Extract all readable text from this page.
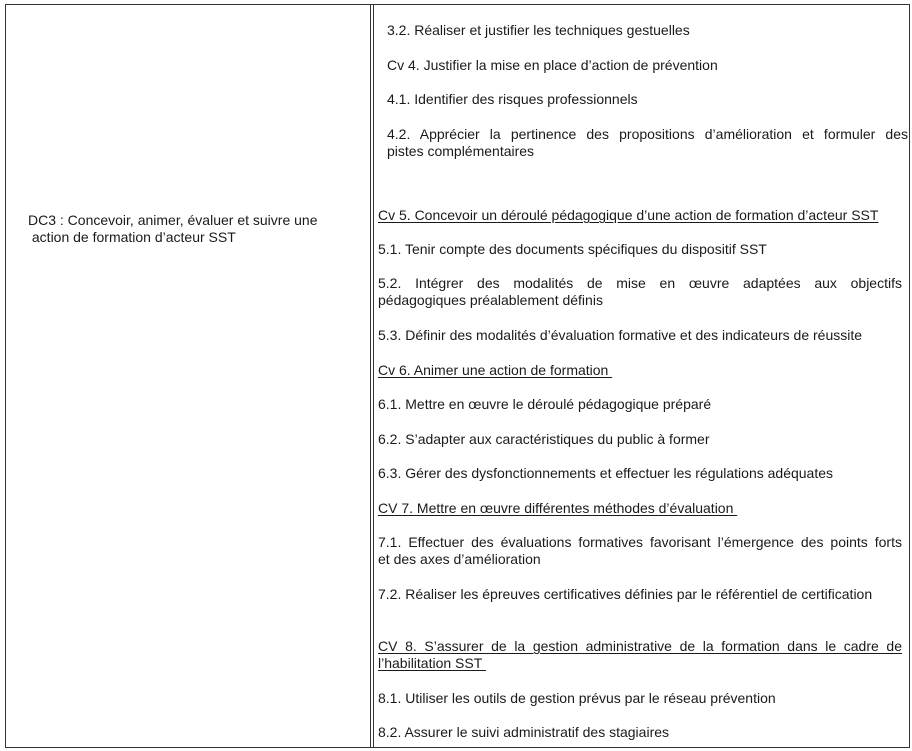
DC3 : Concevoir, animer, évaluer et suivre une
action de formation d’acteur SST
3.2. Réaliser et justifier les techniques gestuelles
Cv 4. Justifier la mise en place d’action de prévention
4.1. Identifier des risques professionnels
4.2. Apprécier la pertinence des propositions d’amélioration et formuler des
pistes complémentaires
Cv 5. Concevoir un déroulé pédagogique d’une action de formation d’acteur SST
5.1. Tenir compte des documents spécifiques du dispositif SST
5.2. Intégrer des modalités de mise en œuvre adaptées aux objectifs
pédagogiques préalablement définis
5.3. Définir des modalités d’évaluation formative et des indicateurs de réussite
Cv 6. Animer une action de formation
6.1. Mettre en œuvre le déroulé pédagogique préparé
6.2. S’adapter aux caractéristiques du public à former
6.3. Gérer des dysfonctionnements et effectuer les régulations adéquates
CV 7. Mettre en œuvre différentes méthodes d’évaluation
7.1. Effectuer des évaluations formatives favorisant l’émergence des points forts
et des axes d’amélioration
7.2. Réaliser les épreuves certificatives définies par le référentiel de certification
CV 8. S’assurer de la gestion administrative de la formation dans le cadre de
l’habilitation SST
8.1. Utiliser les outils de gestion prévus par le réseau prévention
8.2. Assurer le suivi administratif des stagiaires
